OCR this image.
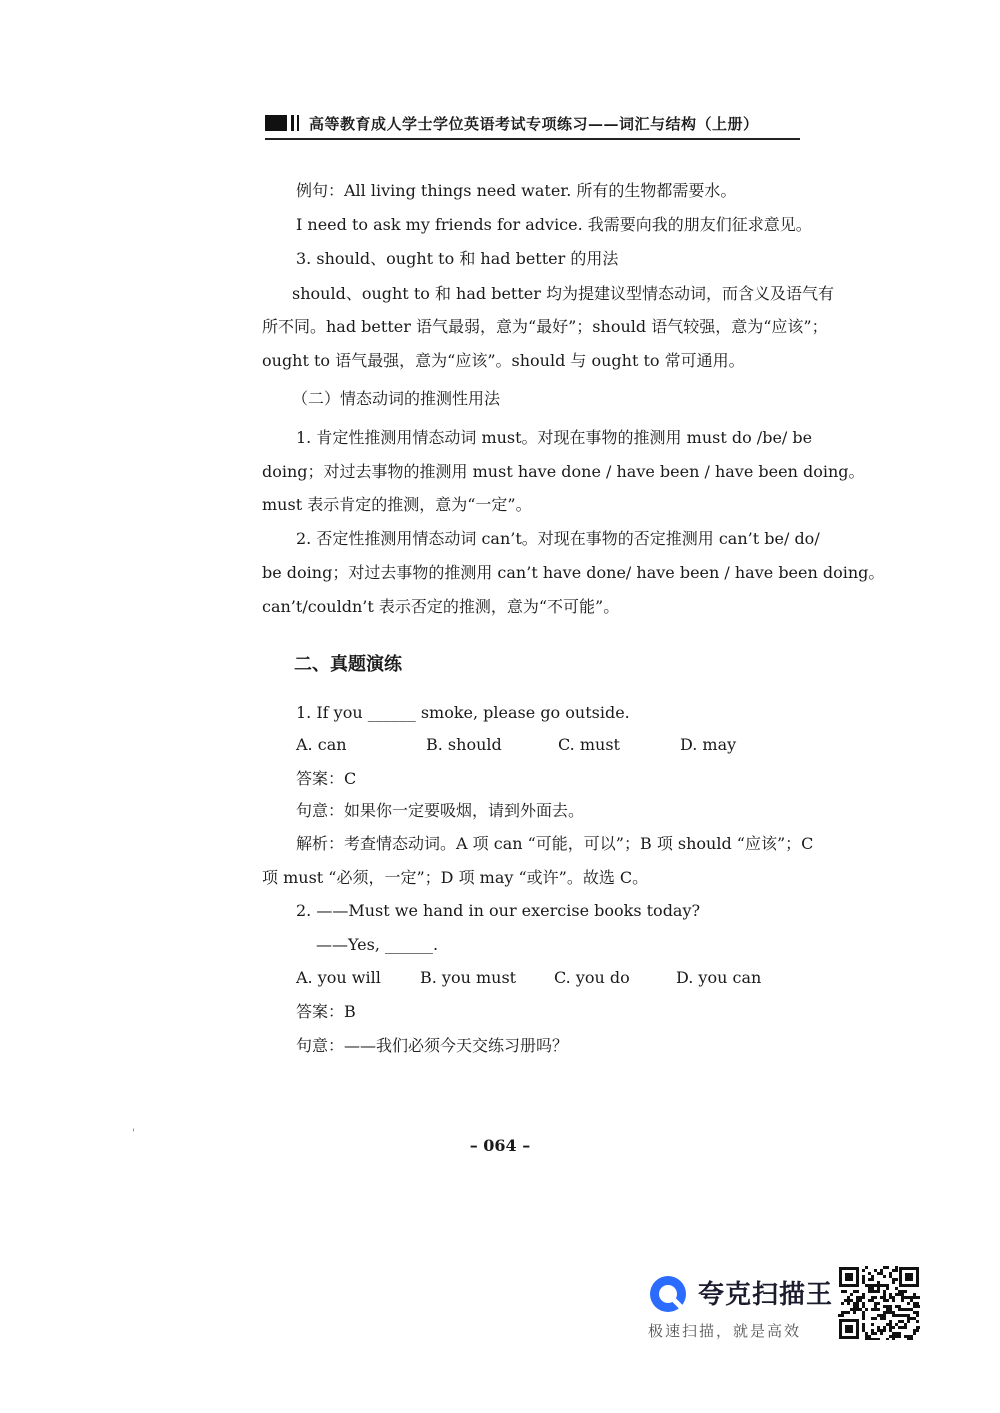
高等教育成人学士学位英语考试专项练习——词汇与结构（上册）
例句：All living things need water. 所有的生物都需要水。
I need to ask my friends for advice. 我需要向我的朋友们征求意见。
3. should、ought to 和 had better 的用法
should、ought to 和 had better 均为提建议型情态动词，而含义及语气有
所不同。had better 语气最弱，意为“最好”；should 语气较强，意为“应该”；
ought to 语气最强，意为“应该”。should 与 ought to 常可通用。
（二）情态动词的推测性用法
1. 肯定性推测用情态动词 must。对现在事物的推测用 must do /be/ be
doing；对过去事物的推测用 must have done / have been / have been doing。
must 表示肯定的推测，意为“一定”。
2. 否定性推测用情态动词 can’t。对现在事物的否定推测用 can’t be/ do/
be doing；对过去事物的推测用 can’t have done/ have been / have been doing。
can’t/couldn’t 表示否定的推测，意为“不可能”。
二、真题演练
1. If you ______ smoke, please go outside.
A. can	B. should	C. must	D. may
答案：C
句意：如果你一定要吸烟，请到外面去。
解析：考查情态动词。A 项 can “可能，可以”；B 项 should “应该”；C
项 must “必须，一定”；D 项 may “或许”。故选 C。
2. ——Must we hand in our exercise books today?
——Yes, ______.
A. you will B. you must C. you do	D. you can
答案：B
句意：——我们必须今天交练习册吗？
'
– 064 –
夸克扫描王
极速扫描，就是高效
